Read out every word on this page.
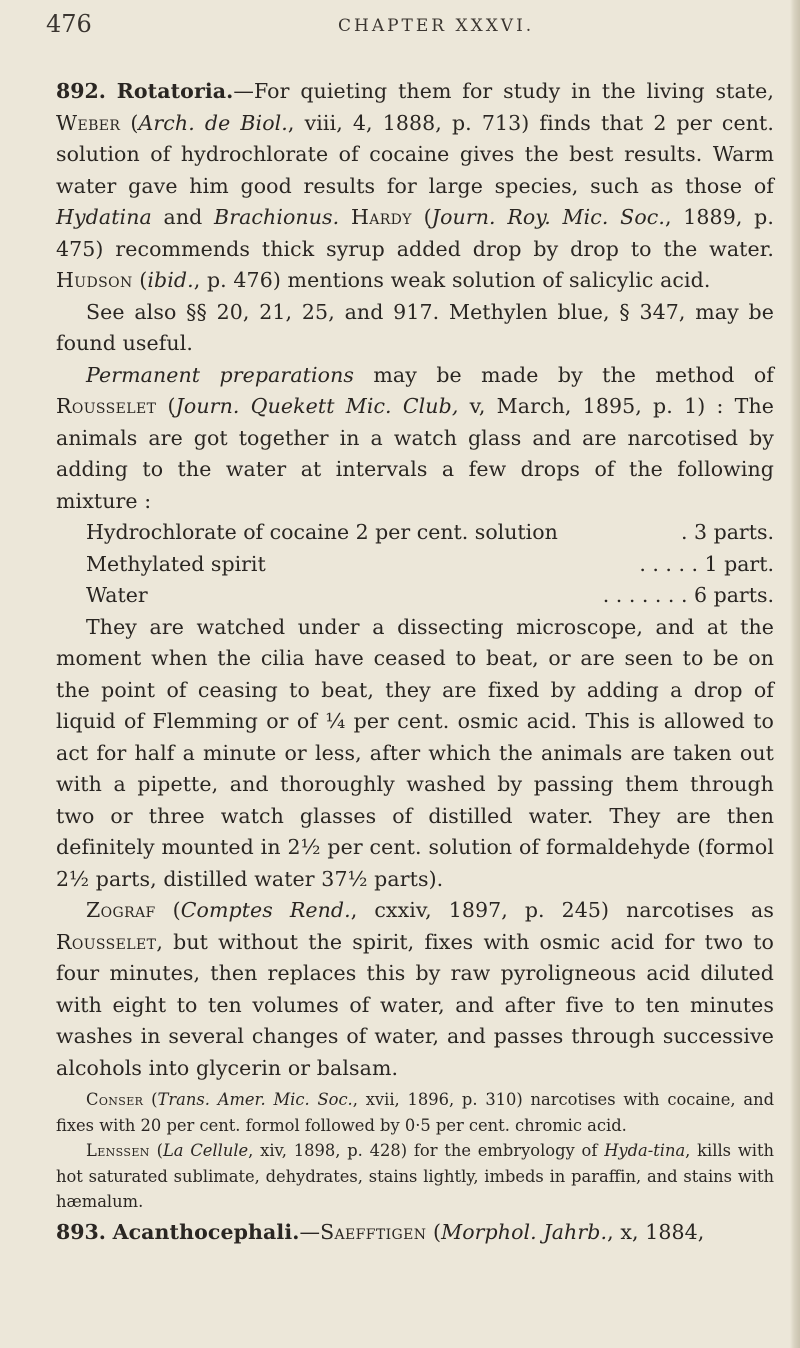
476	CHAPTER XXXVI.

892. Rotatoria.—For quieting them for study in the living state, Weber (Arch. de Biol., viii, 4, 1888, p. 713) finds that 2 per cent. solution of hydrochlorate of cocaine gives the best results. Warm water gave him good results for large species, such as those of Hydatina and Brachionus. Hardy (Journ. Roy. Mic. Soc., 1889, p. 475) recommends thick syrup added drop by drop to the water. Hudson (ibid., p. 476) mentions weak solution of salicylic acid.

See also §§ 20, 21, 25, and 917. Methylen blue, § 347, may be found useful.

Permanent preparations may be made by the method of Rousselet (Journ. Quekett Mic. Club, v, March, 1895, p. 1) : The animals are got together in a watch glass and are narcotised by adding to the water at intervals a few drops of the following mixture :

Hydrochlorate of cocaine 2 per cent. solution	. 3 parts.
Methylated spirit	. . . . . 1 part.
Water	. . . . . . . 6 parts.

They are watched under a dissecting microscope, and at the moment when the cilia have ceased to beat, or are seen to be on the point of ceasing to beat, they are fixed by adding a drop of liquid of Flemming or of ¼ per cent. osmic acid. This is allowed to act for half a minute or less, after which the animals are taken out with a pipette, and thoroughly washed by passing them through two or three watch glasses of distilled water. They are then definitely mounted in 2½ per cent. solution of formaldehyde (formol 2½ parts, distilled water 37½ parts).

Zograf (Comptes Rend., cxxiv, 1897, p. 245) narcotises as Rousselet, but without the spirit, fixes with osmic acid for two to four minutes, then replaces this by raw pyroligneous acid diluted with eight to ten volumes of water, and after five to ten minutes washes in several changes of water, and passes through successive alcohols into glycerin or balsam.

Conser (Trans. Amer. Mic. Soc., xvii, 1896, p. 310) narcotises with cocaine, and fixes with 20 per cent. formol followed by 0·5 per cent. chromic acid.

Lenssen (La Cellule, xiv, 1898, p. 428) for the embryology of Hyda-tina, kills with hot saturated sublimate, dehydrates, stains lightly, imbeds in paraffin, and stains with hæmalum.

893. Acanthocephali.—Saefftigen (Morphol. Jahrb., x, 1884,
